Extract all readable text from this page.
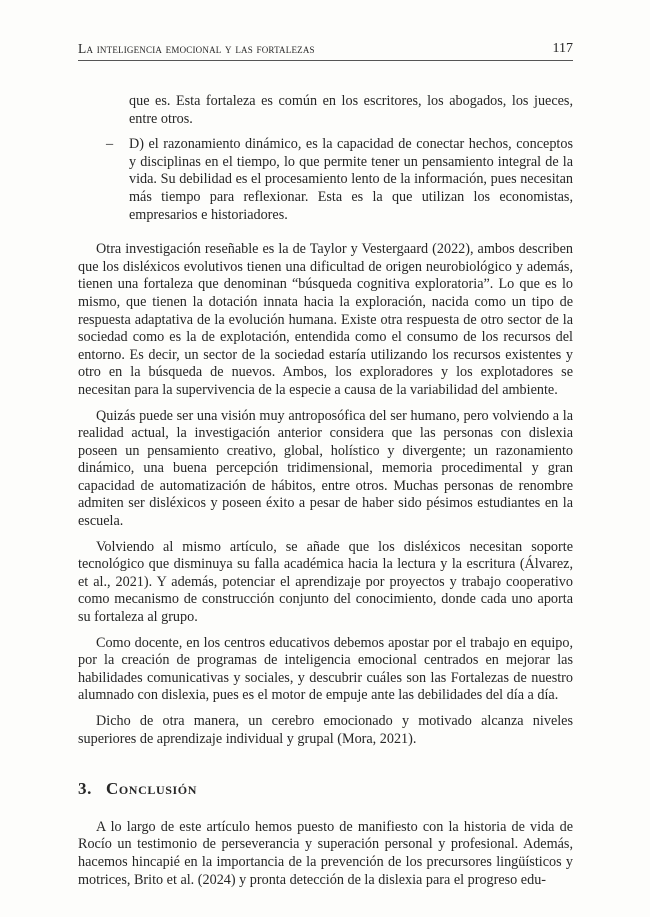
La inteligencia emocional y las fortalezas	117

que es. Esta fortaleza es común en los escritores, los abogados, los jueces, entre otros.

– D) el razonamiento dinámico, es la capacidad de conectar hechos, conceptos y disciplinas en el tiempo, lo que permite tener un pensamiento integral de la vida. Su debilidad es el procesamiento lento de la información, pues necesitan más tiempo para reflexionar. Esta es la que utilizan los economistas, empresarios e historiadores.

Otra investigación reseñable es la de Taylor y Vestergaard (2022), ambos describen que los disléxicos evolutivos tienen una dificultad de origen neurobiológico y además, tienen una fortaleza que denominan “búsqueda cognitiva exploratoria”. Lo que es lo mismo, que tienen la dotación innata hacia la exploración, nacida como un tipo de respuesta adaptativa de la evolución humana. Existe otra respuesta de otro sector de la sociedad como es la de explotación, entendida como el consumo de los recursos del entorno. Es decir, un sector de la sociedad estaría utilizando los recursos existentes y otro en la búsqueda de nuevos. Ambos, los exploradores y los explotadores se necesitan para la supervivencia de la especie a causa de la variabilidad del ambiente.

Quizás puede ser una visión muy antroposófica del ser humano, pero volviendo a la realidad actual, la investigación anterior considera que las personas con dislexia poseen un pensamiento creativo, global, holístico y divergente; un razonamiento dinámico, una buena percepción tridimensional, memoria procedimental y gran capacidad de automatización de hábitos, entre otros. Muchas personas de renombre admiten ser disléxicos y poseen éxito a pesar de haber sido pésimos estudiantes en la escuela.

Volviendo al mismo artículo, se añade que los disléxicos necesitan soporte tecnológico que disminuya su falla académica hacia la lectura y la escritura (Álvarez, et al., 2021). Y además, potenciar el aprendizaje por proyectos y trabajo cooperativo como mecanismo de construcción conjunto del conocimiento, donde cada uno aporta su fortaleza al grupo.

Como docente, en los centros educativos debemos apostar por el trabajo en equipo, por la creación de programas de inteligencia emocional centrados en mejorar las habilidades comunicativas y sociales, y descubrir cuáles son las Fortalezas de nuestro alumnado con dislexia, pues es el motor de empuje ante las debilidades del día a día.

Dicho de otra manera, un cerebro emocionado y motivado alcanza niveles superiores de aprendizaje individual y grupal (Mora, 2021).

3. Conclusión

A lo largo de este artículo hemos puesto de manifiesto con la historia de vida de Rocío un testimonio de perseverancia y superación personal y profesional. Además, hacemos hincapié en la importancia de la prevención de los precursores lingüísticos y motrices, Brito et al. (2024) y pronta detección de la dislexia para el progreso edu-
